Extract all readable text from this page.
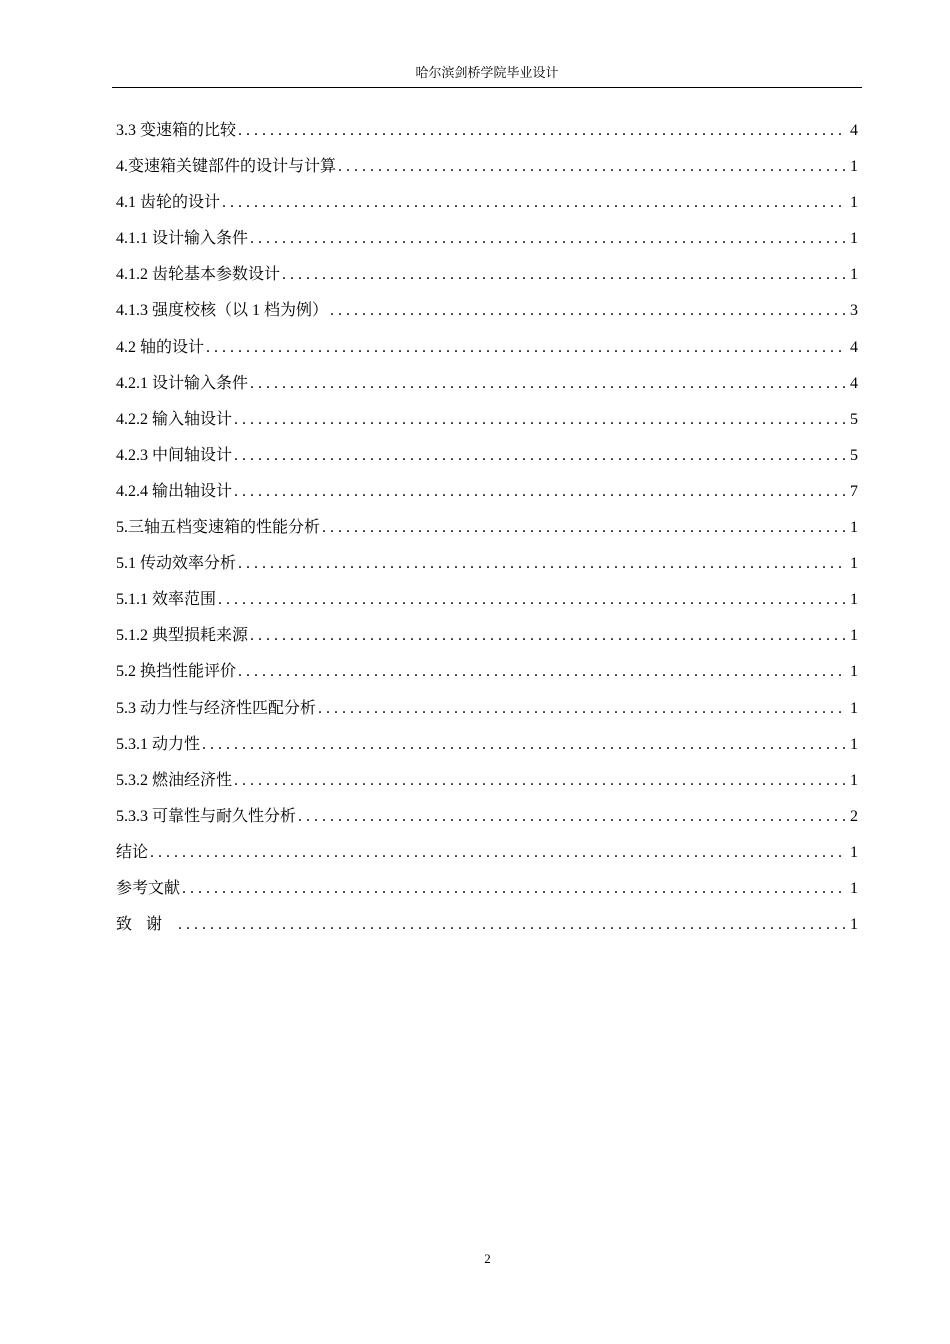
哈尔滨剑桥学院毕业设计
3.3 变速箱的比较 . . .	4
4.变速箱关键部件的设计与计算 . . .	1
4.1 齿轮的设计 . . .	1
4.1.1 设计输入条件 . . .	1
4.1.2 齿轮基本参数设计 . . .	1
4.1.3 强度校核（以 1 档为例） . . .	3
4.2 轴的设计 . . .	4
4.2.1 设计输入条件 . . .	4
4.2.2 输入轴设计 . . .	5
4.2.3 中间轴设计 . . .	5
4.2.4 输出轴设计 . . .	7
5.三轴五档变速箱的性能分析 . . .	1
5.1 传动效率分析 . . .	1
5.1.1 效率范围 . . .	1
5.1.2 典型损耗来源 . . .	1
5.2 换挡性能评价 . . .	1
5.3 动力性与经济性匹配分析 . . .	1
5.3.1 动力性 . . .	1
5.3.2 燃油经济性 . . .	1
5.3.3 可靠性与耐久性分析 . . .	2
结论 . . .	1
参考文献 . . .	1
致谢 . . .	1
2
